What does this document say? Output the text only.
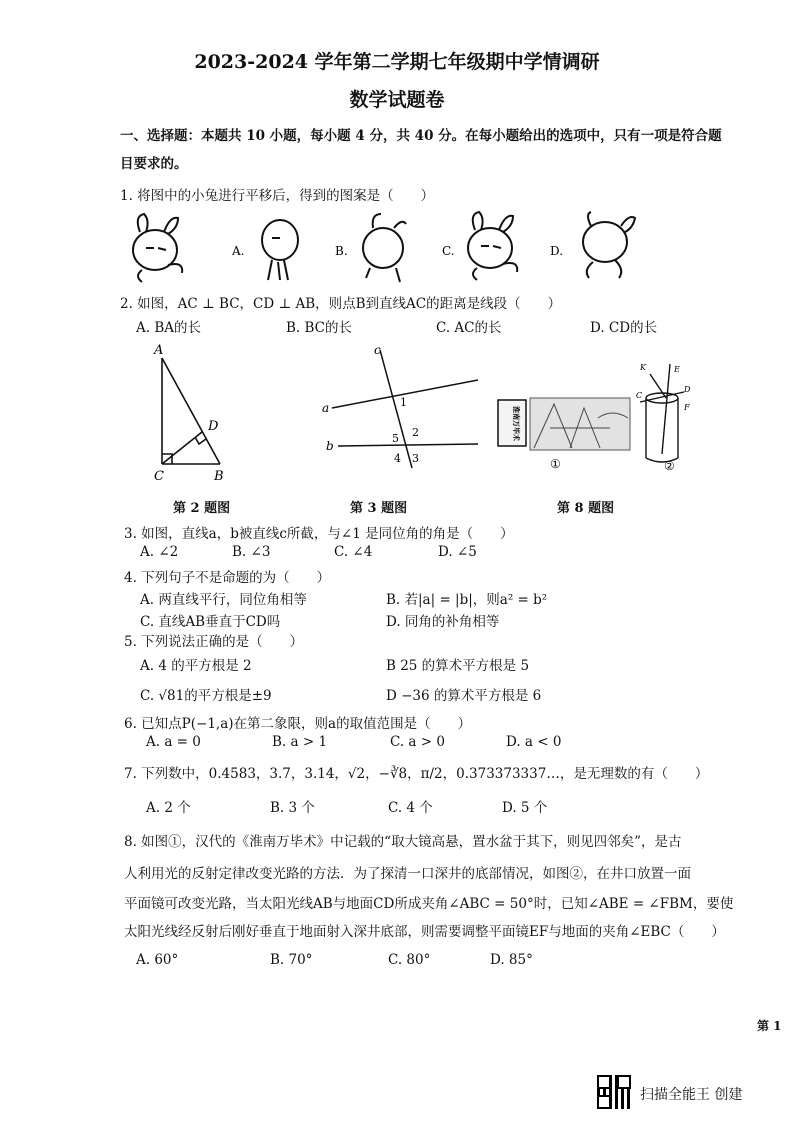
2023-2024 学年第二学期七年级期中学情调研
数学试题卷
一、选择题：本题共 10 小题，每小题 4 分，共 40 分。在每小题给出的选项中，只有一项是符合题
目要求的。
1. 将图中的小兔进行平移后，得到的图案是（　　）
A.	B.	C.	D.
2. 如图，AC ⊥ BC，CD ⊥ AB，则点B到直线AC的距离是线段（　　）
A. BA的长	B. BC的长	C. AC的长	D. CD的长
A
D
C	B
第 2 题图
c
a
b
1
2
5
4 3
第 3 题图
淮南万毕术
①
K
C
D
E
F
②
第 8 题图
3. 如图，直线a，b被直线c所截，与∠1 是同位角的角是（　　）
A. ∠2	B. ∠3	C. ∠4	D. ∠5
4. 下列句子不是命题的为（　　）
A. 两直线平行，同位角相等	B. 若|a| = |b|，则a² = b²
C. 直线AB垂直于CD吗	D. 同角的补角相等
5. 下列说法正确的是（　　）
A. 4 的平方根是 2	B 25 的算术平方根是 5
C. √81的平方根是±9	D −36 的算术平方根是 6
6. 已知点P(−1,a)在第二象限，则a的取值范围是（　　）
A. a = 0	B. a > 1	C. a > 0	D. a < 0
7. 下列数中，0.4583，3.7，3.14，√2，−∛8，π/2，0.373373337…，是无理数的有（　　）
A. 2 个	B. 3 个	C. 4 个	D. 5 个
8. 如图①，汉代的《淮南万毕术》中记载的“取大镜高悬，置水盆于其下，则见四邻矣”，是古
人利用光的反射定律改变光路的方法．为了探清一口深井的底部情况，如图②，在井口放置一面
平面镜可改变光路，当太阳光线AB与地面CD所成夹角∠ABC = 50°时，已知∠ABE = ∠FBM，要使
太阳光线经反射后刚好垂直于地面射入深井底部，则需要调整平面镜EF与地面的夹角∠EBC（　　）
A. 60°	B. 70°	C. 80°	D. 85°
第 1
扫描全能王 创建
